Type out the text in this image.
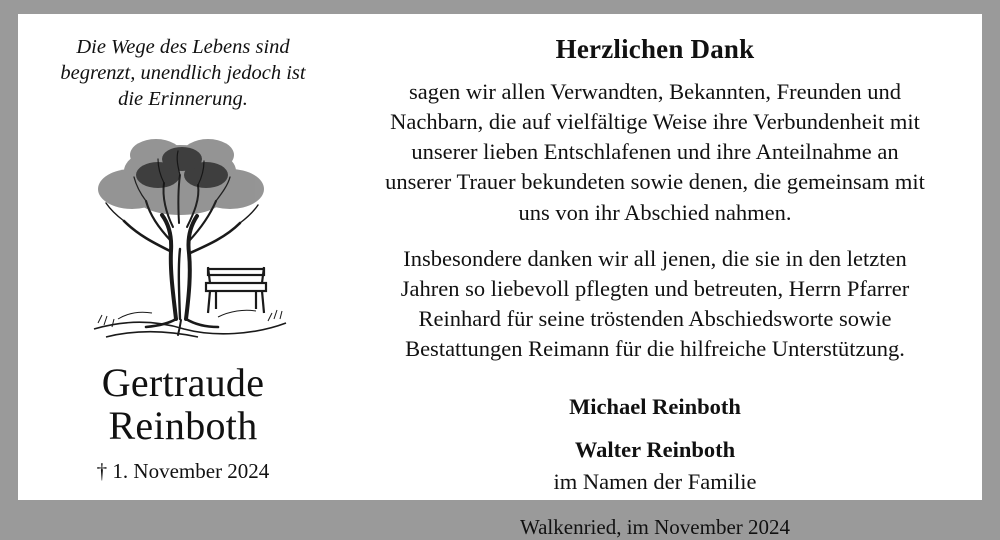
Die Wege des Lebens sind begrenzt, unendlich jedoch ist die Erinnerung.
Gertraude
Reinboth
† 1. November 2024
Herzlichen Dank
sagen wir allen Verwandten, Bekannten, Freunden und Nachbarn, die auf vielfältige Weise ihre Verbundenheit mit unserer lieben Entschlafenen und ihre Anteilnahme an unserer Trauer bekundeten sowie denen, die gemeinsam mit uns von ihr Abschied nahmen.
Insbesondere danken wir all jenen, die sie in den letzten Jahren so liebevoll pflegten und betreuten, Herrn Pfarrer Reinhard für seine tröstenden Abschiedsworte sowie Bestattungen Reimann für die hilfreiche Unterstützung.
Michael Reinboth
Walter Reinboth
im Namen der Familie
Walkenried, im November 2024
